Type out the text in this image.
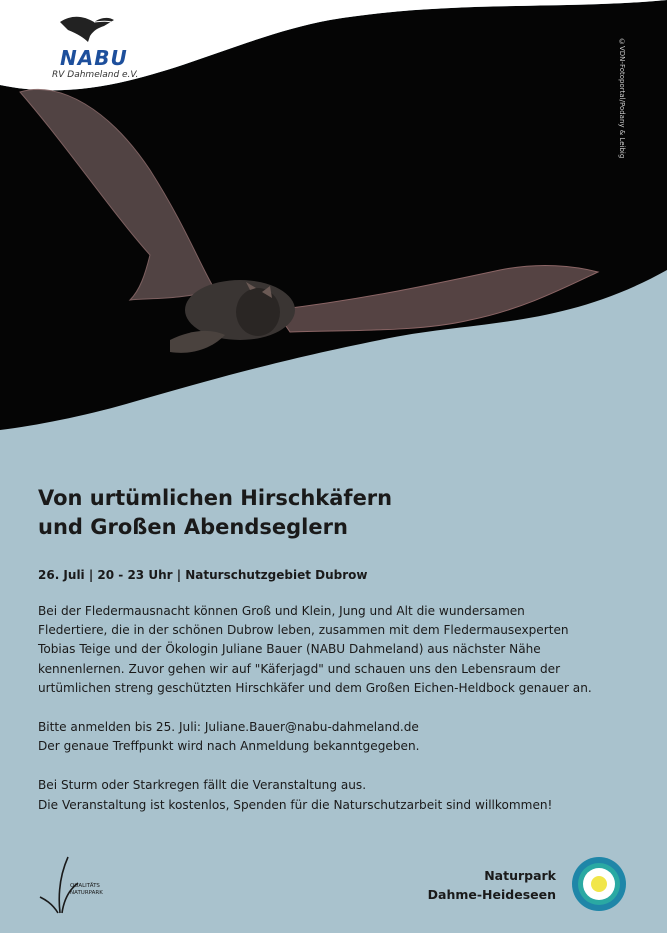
NABU
RV Dahmeland e.V.	©VDN-Fotoportal/Podany & Leibig
Von urtümlichen Hirschkäfern
und Großen Abendseglern
26. Juli | 20 - 23 Uhr | Naturschutzgebiet Dubrow

Bei der Fledermausnacht können Groß und Klein, Jung und Alt die wundersamen
Fledertiere, die in der schönen Dubrow leben, zusammen mit dem Fledermausexperten
Tobias Teige und der Ökologin Juliane Bauer (NABU Dahmeland) aus nächster Nähe
kennenlernen. Zuvor gehen wir auf "Käferjagd" und schauen uns den Lebensraum der
urtümlichen streng geschützten Hirschkäfer und dem Großen Eichen-Heldbock genauer an.

Bitte anmelden bis 25. Juli: Juliane.Bauer@nabu-dahmeland.de
Der genaue Treffpunkt wird nach Anmeldung bekanntgegeben.

Bei Sturm oder Starkregen fällt die Veranstaltung aus.
Die Veranstaltung ist kostenlos, Spenden für die Naturschutzarbeit sind willkommen!

QUALITÄTS
NATURPARK
Naturpark
Dahme-Heideseen
